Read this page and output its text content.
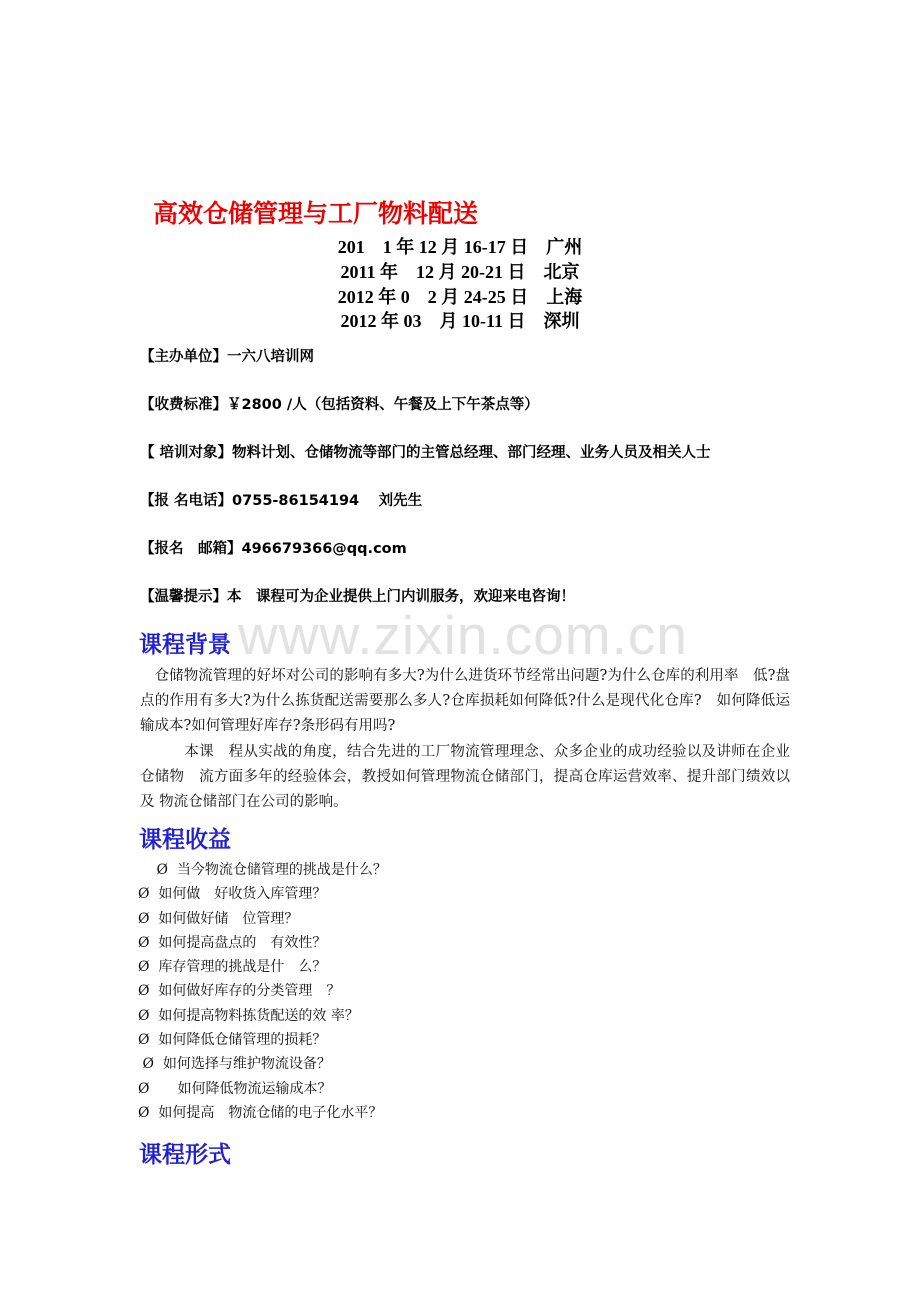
高效仓储管理与工厂物料配送
201　1 年 12 月 16-17 日　广州
2011 年　12 月 20-21 日　北京
2012 年 0　2 月 24-25 日　上海
2012 年 03　月 10-11 日　深圳
【主办单位】一六八培训网
【收费标准】￥2800 /人（包括资料、午餐及上下午茶点等）
【 培训对象】物料计划、仓储物流等部门的主管总经理、部门经理、业务人员及相关人士
【报 名电话】0755-86154194　 刘先生
【报名　邮箱】496679366@qq.com
【温馨提示】本　课程可为企业提供上门内训服务，欢迎来电咨询！
www.zixin.com.cn
课程背景
　仓储物流管理的好坏对公司的影响有多大?为什么进货环节经常出问题?为什么仓库的利用率　低?盘点的作用有多大?为什么拣货配送需要那么多人?仓库损耗如何降低?什么是现代化仓库?　如何降低运输成本?如何管理好库存?条形码有用吗?
　　　本课　程从实战的角度，结合先进的工厂物流管理理念、众多企业的成功经验以及讲师在企业仓储物　流方面多年的经验体会，教授如何管理物流仓储部门，提高仓库运营效率、提升部门绩效以及 物流仓储部门在公司的影响。
课程收益
　 Ø  当今物流仓储管理的挑战是什么？
Ø  如何做　好收货入库管理？
Ø  如何做好储　位管理？
Ø  如何提高盘点的　有效性？
Ø  库存管理的挑战是什　么？
Ø  如何做好库存的分类管理　？
Ø  如何提高物料拣货配送的效 率？
Ø  如何降低仓储管理的损耗？
Ø  如何选择与维护物流设备？
Ø　　如何降低物流运输成本？
Ø  如何提高　物流仓储的电子化水平？
课程形式
